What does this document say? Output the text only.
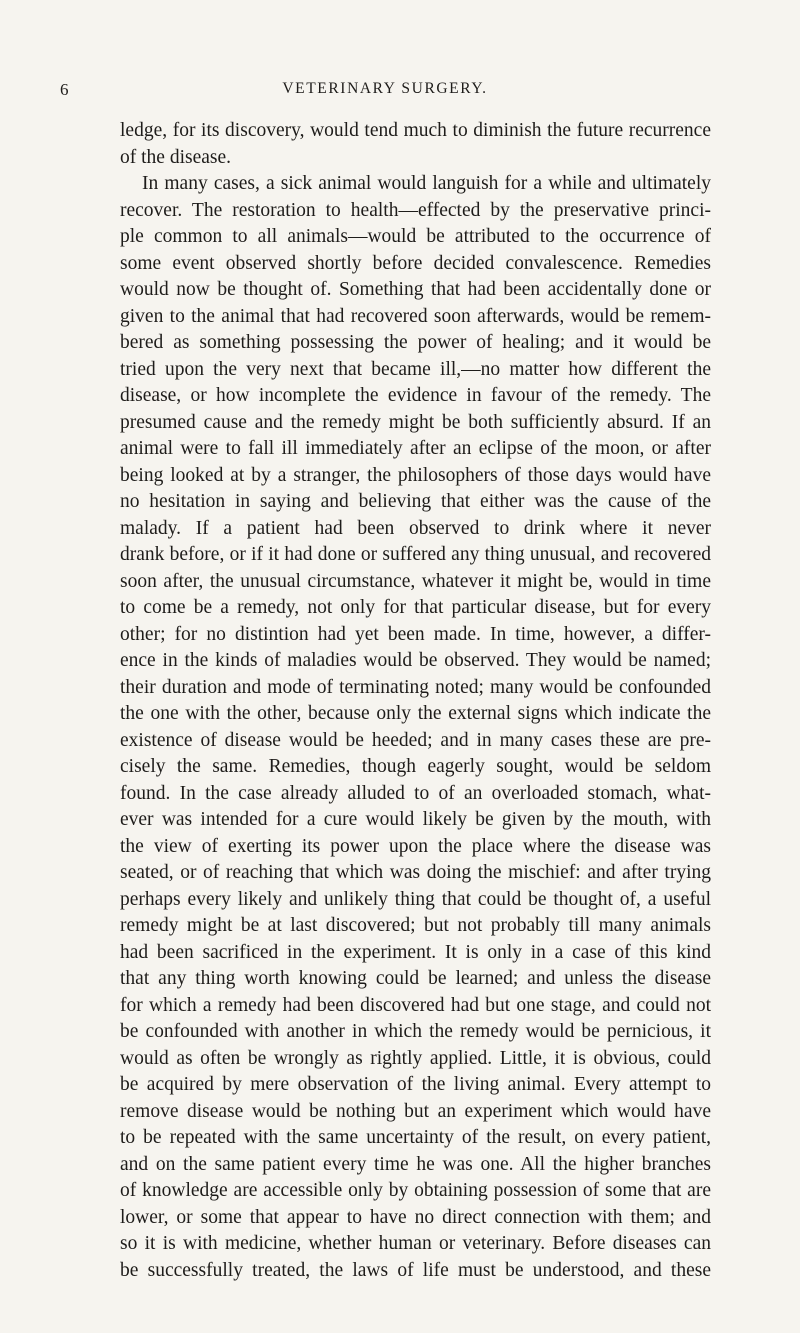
6	VETERINARY SURGERY.
ledge, for its discovery, would tend much to diminish the future recurrence
of the disease.
In many cases, a sick animal would languish for a while and ultimately
recover. The restoration to health—effected by the preservative princi-
ple common to all animals—would be attributed to the occurrence of
some event observed shortly before decided convalescence. Remedies
would now be thought of. Something that had been accidentally done or
given to the animal that had recovered soon afterwards, would be remem-
bered as something possessing the power of healing; and it would be
tried upon the very next that became ill,—no matter how different the
disease, or how incomplete the evidence in favour of the remedy. The
presumed cause and the remedy might be both sufficiently absurd. If an
animal were to fall ill immediately after an eclipse of the moon, or after
being looked at by a stranger, the philosophers of those days would have
no hesitation in saying and believing that either was the cause of the
malady. If a patient had been observed to drink where it never
drank before, or if it had done or suffered any thing unusual, and recovered
soon after, the unusual circumstance, whatever it might be, would in time
to come be a remedy, not only for that particular disease, but for every
other; for no distintion had yet been made. In time, however, a differ-
ence in the kinds of maladies would be observed. They would be named;
their duration and mode of terminating noted; many would be confounded
the one with the other, because only the external signs which indicate the
existence of disease would be heeded; and in many cases these are pre-
cisely the same. Remedies, though eagerly sought, would be seldom
found. In the case already alluded to of an overloaded stomach, what-
ever was intended for a cure would likely be given by the mouth, with
the view of exerting its power upon the place where the disease was
seated, or of reaching that which was doing the mischief: and after trying
perhaps every likely and unlikely thing that could be thought of, a useful
remedy might be at last discovered; but not probably till many animals
had been sacrificed in the experiment. It is only in a case of this kind
that any thing worth knowing could be learned; and unless the disease
for which a remedy had been discovered had but one stage, and could not
be confounded with another in which the remedy would be pernicious, it
would as often be wrongly as rightly applied. Little, it is obvious, could
be acquired by mere observation of the living animal. Every attempt to
remove disease would be nothing but an experiment which would have
to be repeated with the same uncertainty of the result, on every patient,
and on the same patient every time he was one. All the higher branches
of knowledge are accessible only by obtaining possession of some that are
lower, or some that appear to have no direct connection with them; and
so it is with medicine, whether human or veterinary. Before diseases can
be successfully treated, the laws of life must be understood, and these
